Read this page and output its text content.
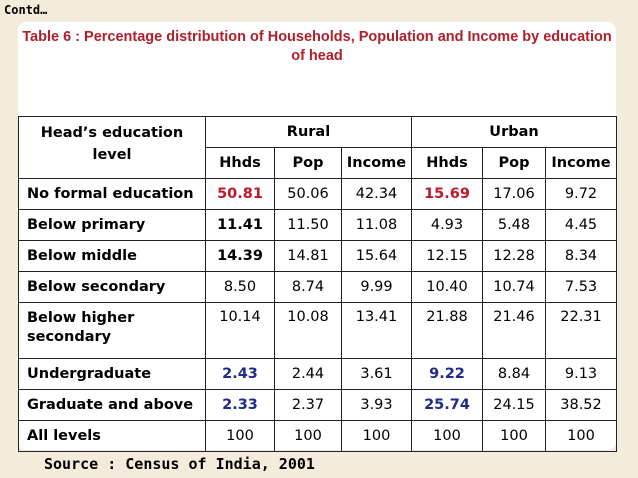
Contd…
Table 6 : Percentage distribution of Households, Population and Income by education of head
Head’s education level	Rural			Urban		
	Hhds	Pop	Income	Hhds	Pop	Income
No formal education	50.81	50.06	42.34	15.69	17.06	9.72
Below primary	11.41	11.50	11.08	4.93	5.48	4.45
Below middle	14.39	14.81	15.64	12.15	12.28	8.34
Below secondary	8.50	8.74	9.99	10.40	10.74	7.53
Below higher secondary	10.14	10.08	13.41	21.88	21.46	22.31
Undergraduate	2.43	2.44	3.61	9.22	8.84	9.13
Graduate and above	2.33	2.37	3.93	25.74	24.15	38.52
All levels	100	100	100	100	100	100
Source : Census of India, 2001
